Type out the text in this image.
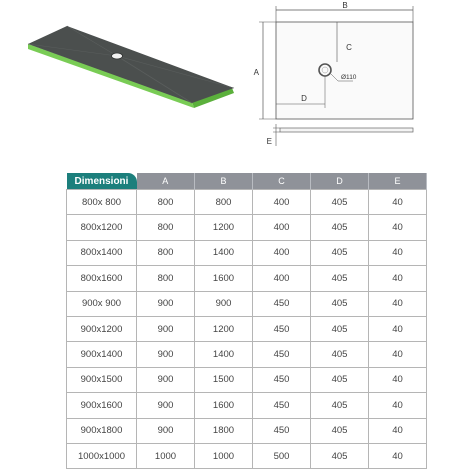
B
A
C
Ø110
D
E
Dimensioni	A	B	C	D	E
800x 800	800	800	400	405	40
800x1200	800	1200	400	405	40
800x1400	800	1400	400	405	40
800x1600	800	1600	400	405	40
900x 900	900	900	450	405	40
900x1200	900	1200	450	405	40
900x1400	900	1400	450	405	40
900x1500	900	1500	450	405	40
900x1600	900	1600	450	405	40
900x1800	900	1800	450	405	40
1000x1000	1000	1000	500	405	40
